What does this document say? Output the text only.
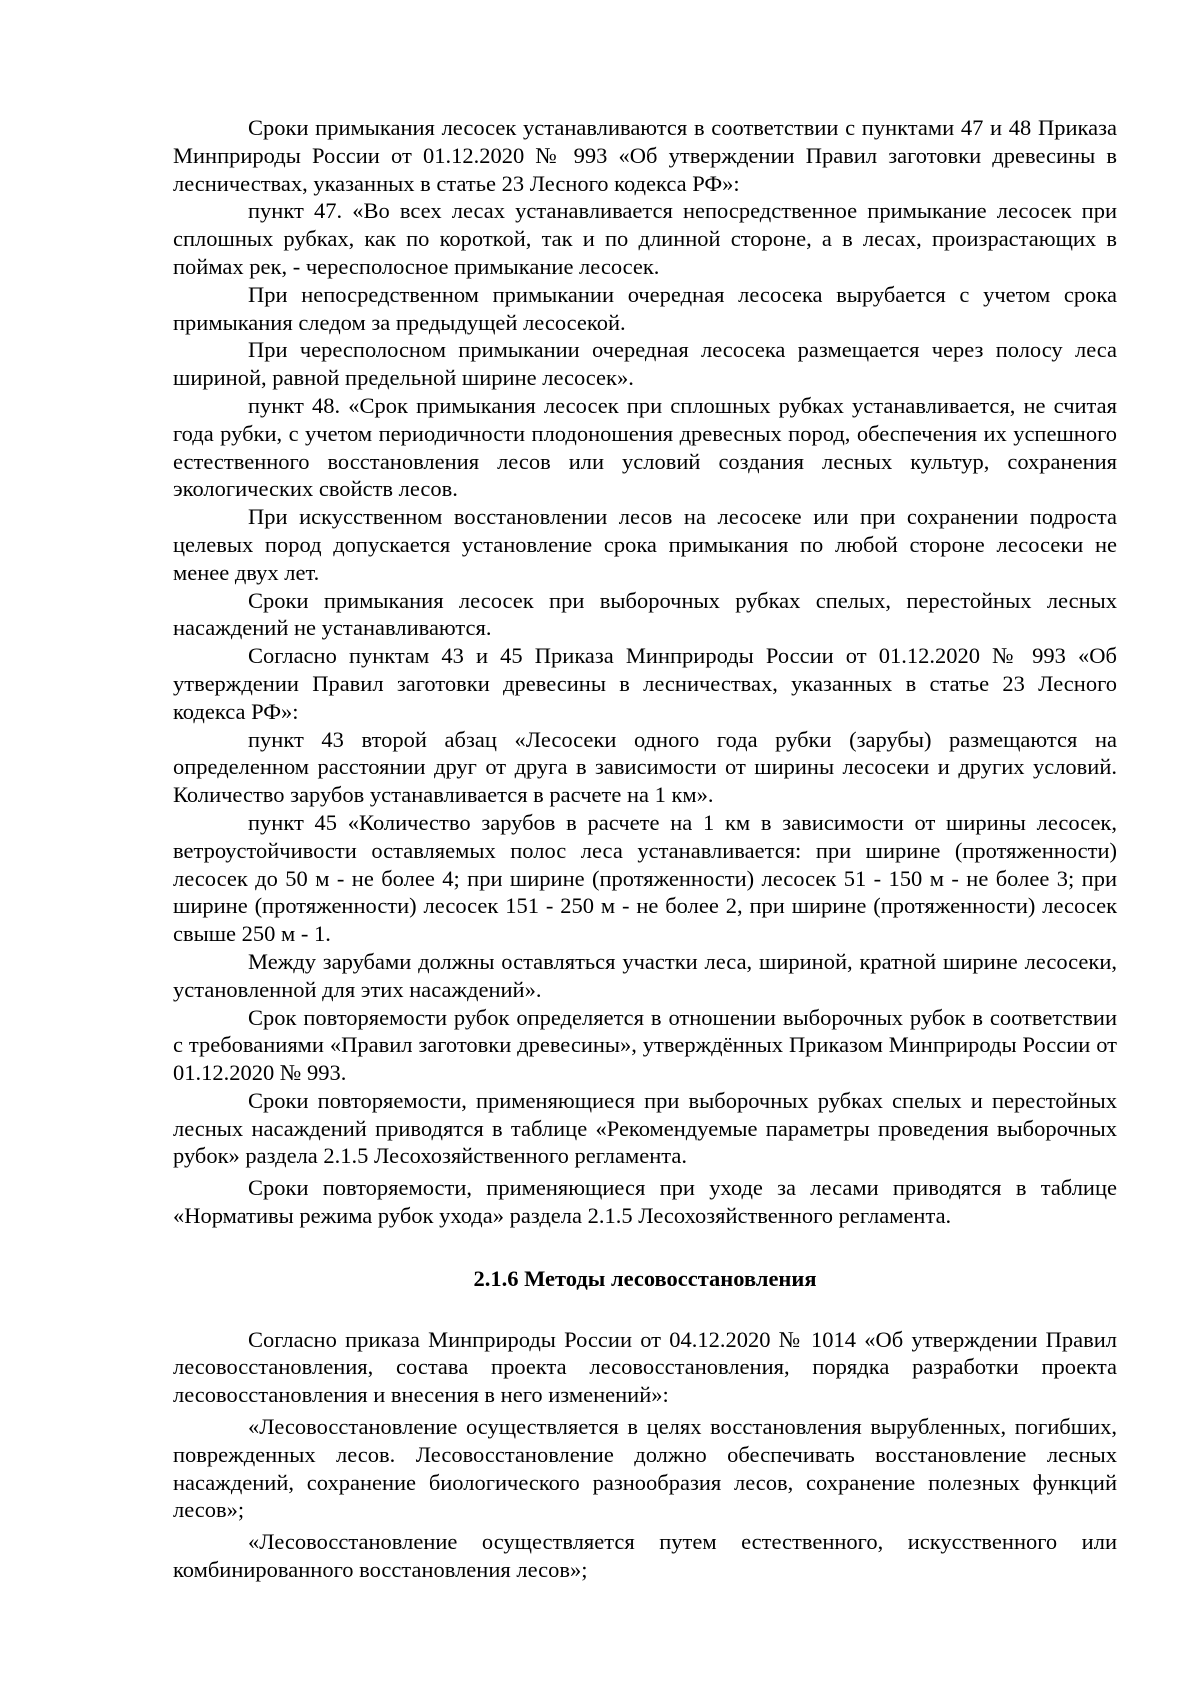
Сроки примыкания лесосек устанавливаются в соответствии с пунктами 47 и 48 Приказа Минприроды России от 01.12.2020 № 993 «Об утверждении Правил заготовки древесины в лесничествах, указанных в статье 23 Лесного кодекса РФ»:

пункт 47. «Во всех лесах устанавливается непосредственное примыкание лесосек при сплошных рубках, как по короткой, так и по длинной стороне, а в лесах, произрастающих в поймах рек, - чересполосное примыкание лесосек.

При непосредственном примыкании очередная лесосека вырубается с учетом срока примыкания следом за предыдущей лесосекой.

При чересполосном примыкании очередная лесосека размещается через полосу леса шириной, равной предельной ширине лесосек».

пункт 48. «Срок примыкания лесосек при сплошных рубках устанавливается, не считая года рубки, с учетом периодичности плодоношения древесных пород, обеспечения их успешного естественного восстановления лесов или условий создания лесных культур, сохранения экологических свойств лесов.

При искусственном восстановлении лесов на лесосеке или при сохранении подроста целевых пород допускается установление срока примыкания по любой стороне лесосеки не менее двух лет.

Сроки примыкания лесосек при выборочных рубках спелых, перестойных лесных насаждений не устанавливаются.

Согласно пунктам 43 и 45 Приказа Минприроды России от 01.12.2020 № 993 «Об утверждении Правил заготовки древесины в лесничествах, указанных в статье 23 Лесного кодекса РФ»:

пункт 43 второй абзац «Лесосеки одного года рубки (зарубы) размещаются на определенном расстоянии друг от друга в зависимости от ширины лесосеки и других условий. Количество зарубов устанавливается в расчете на 1 км».

пункт 45 «Количество зарубов в расчете на 1 км в зависимости от ширины лесосек, ветроустойчивости оставляемых полос леса устанавливается: при ширине (протяженности) лесосек до 50 м - не более 4; при ширине (протяженности) лесосек 51 - 150 м - не более 3; при ширине (протяженности) лесосек 151 - 250 м - не более 2, при ширине (протяженности) лесосек свыше 250 м - 1.

Между зарубами должны оставляться участки леса, шириной, кратной ширине лесосеки, установленной для этих насаждений».

Срок повторяемости рубок определяется в отношении выборочных рубок в соответствии с требованиями «Правил заготовки древесины», утверждённых Приказом Минприроды России от 01.12.2020 № 993.

Сроки повторяемости, применяющиеся при выборочных рубках спелых и перестойных лесных насаждений приводятся в таблице «Рекомендуемые параметры проведения выборочных рубок» раздела 2.1.5 Лесохозяйственного регламента.

Сроки повторяемости, применяющиеся при уходе за лесами приводятся в таблице «Нормативы режима рубок ухода» раздела 2.1.5 Лесохозяйственного регламента.

2.1.6 Методы лесовосстановления

Согласно приказа Минприроды России от 04.12.2020 № 1014 «Об утверждении Правил лесовосстановления, состава проекта лесовосстановления, порядка разработки проекта лесовосстановления и внесения в него изменений»:

«Лесовосстановление осуществляется в целях восстановления вырубленных, погибших, поврежденных лесов. Лесовосстановление должно обеспечивать восстановление лесных насаждений, сохранение биологического разнообразия лесов, сохранение полезных функций лесов»;

«Лесовосстановление осуществляется путем естественного, искусственного или комбинированного восстановления лесов»;
